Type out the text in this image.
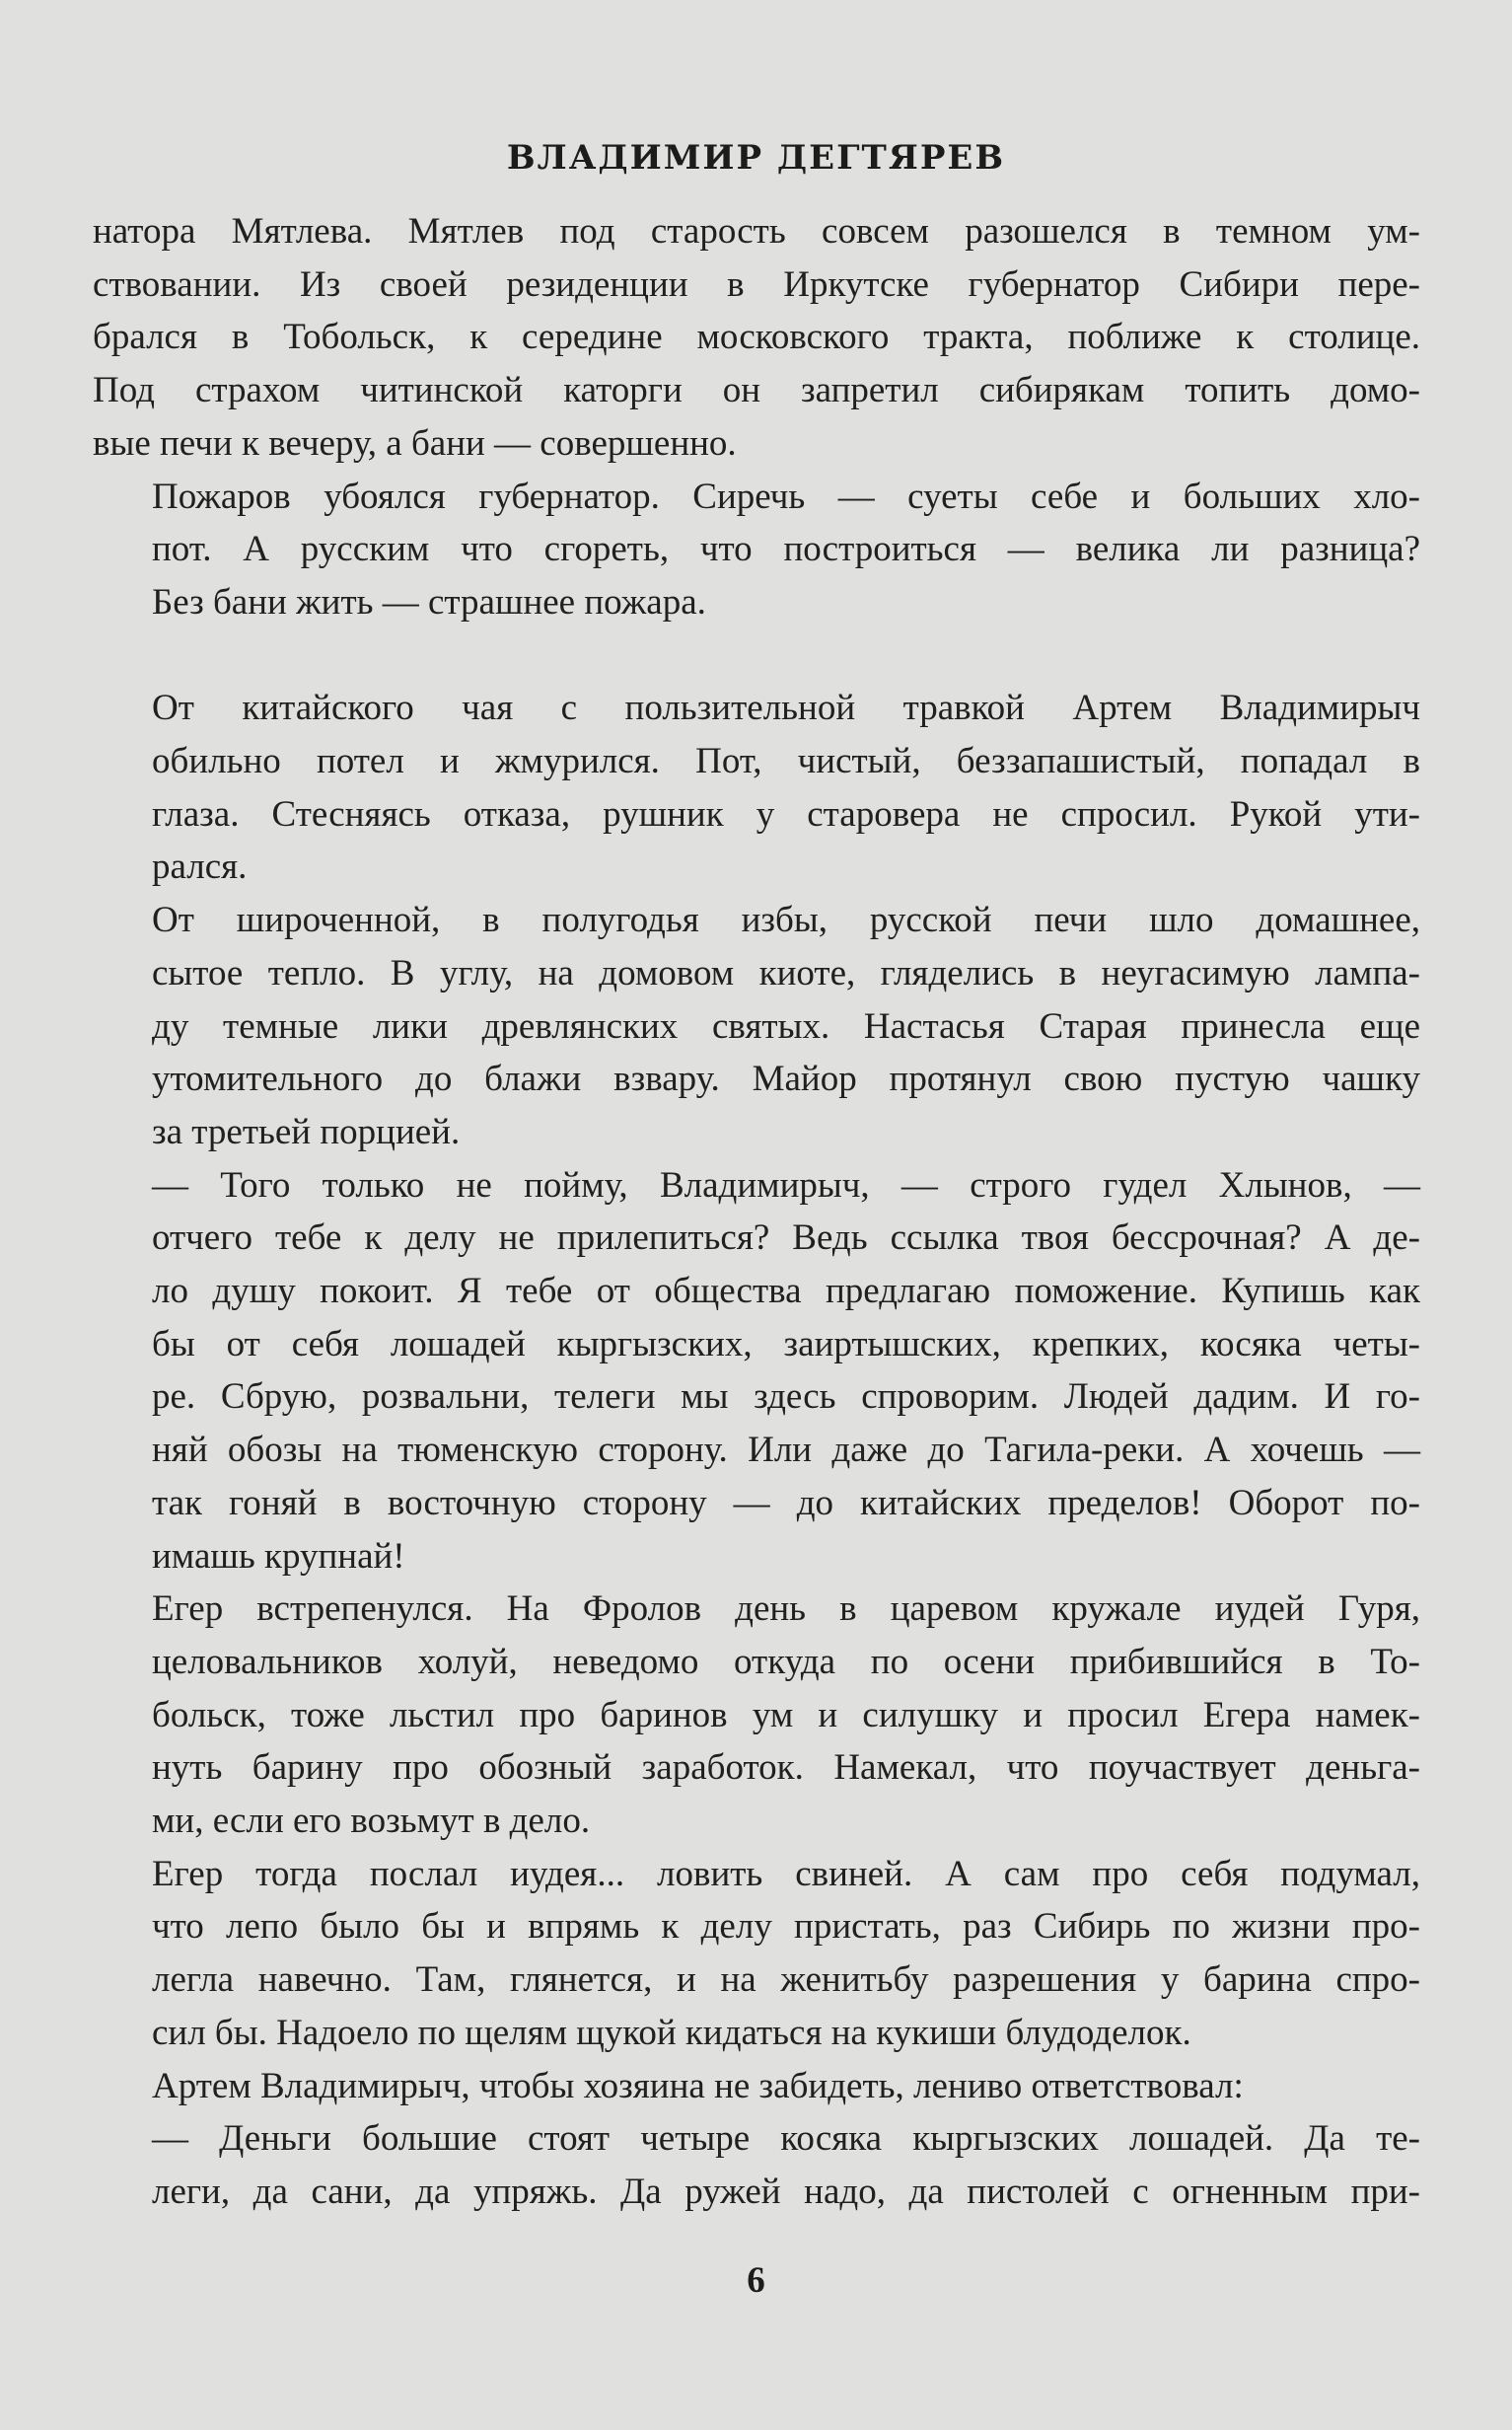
ВЛАДИМИР ДЕГТЯРЕВ

натора Мятлева. Мятлев под старость совсем разошелся в темном ум-
ствовании. Из своей резиденции в Иркутске губернатор Сибири пере-
брался в Тобольск, к середине московского тракта, поближе к столице.
Под страхом читинской каторги он запретил сибирякам топить домо-
вые печи к вечеру, а бани — совершенно.

Пожаров убоялся губернатор. Сиречь — суеты себе и больших хло-
пот. А русским что сгореть, что построиться — велика ли разница?
Без бани жить — страшнее пожара.

От китайского чая с пользительной травкой Артем Владимирыч
обильно потел и жмурился. Пот, чистый, беззапашистый, попадал в
глаза. Стесняясь отказа, рушник у старовера не спросил. Рукой ути-
рался.

От широченной, в полугодья избы, русской печи шло домашнее,
сытое тепло. В углу, на домовом киоте, гляделись в неугасимую лампа-
ду темные лики древлянских святых. Настасья Старая принесла еще
утомительного до блажи взвару. Майор протянул свою пустую чашку
за третьей порцией.

— Того только не пойму, Владимирыч, — строго гудел Хлынов, —
отчего тебе к делу не прилепиться? Ведь ссылка твоя бессрочная? А де-
ло душу покоит. Я тебе от общества предлагаю поможение. Купишь как
бы от себя лошадей кыргызских, заиртышских, крепких, косяка четы-
ре. Сбрую, розвальни, телеги мы здесь спроворим. Людей дадим. И го-
няй обозы на тюменскую сторону. Или даже до Тагила-реки. А хочешь —
так гоняй в восточную сторону — до китайских пределов! Оборот по-
имашь крупнай!

Егер встрепенулся. На Фролов день в царевом кружале иудей Гуря,
целовальников холуй, неведомо откуда по осени прибившийся в То-
больск, тоже льстил про баринов ум и силушку и просил Егера намек-
нуть барину про обозный заработок. Намекал, что поучаствует деньга-
ми, если его возьмут в дело.

Егер тогда послал иудея... ловить свиней. А сам про себя подумал,
что лепо было бы и впрямь к делу пристать, раз Сибирь по жизни про-
легла навечно. Там, глянется, и на женитьбу разрешения у барина спро-
сил бы. Надоело по щелям щукой кидаться на кукиши блудоделок.

Артем Владимирыч, чтобы хозяина не забидеть, лениво ответствовал:

— Деньги большие стоят четыре косяка кыргызских лошадей. Да те-
леги, да сани, да упряжь. Да ружей надо, да пистолей с огненным при-

6
